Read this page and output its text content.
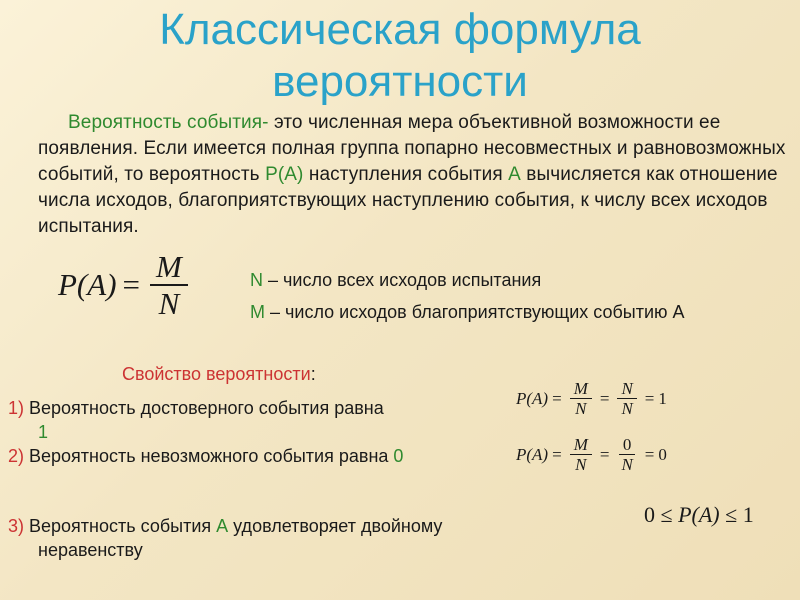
Классическая формула
вероятности
Вероятность события- это численная мера объективной возможности ее появления. Если имеется полная группа попарно несовместных и равновозможных событий, то вероятность Р(А) наступления события А вычисляется как отношение числа исходов, благоприятствующих наступлению события, к числу всех исходов испытания.
$P(A) = \frac{M}{N}$	N – число всех исходов испытания
M – число исходов благоприятствующих событию А
Свойство вероятности:
1) Вероятность достоверного события равна
1
2) Вероятность невозможного события равна 0
3) Вероятность события А удовлетворяет двойному
неравенству
$P(A) = \frac{M}{N} = \frac{N}{N} = 1$
$P(A) = \frac{M}{N} = \frac{0}{N} = 0$
0 ≤ P(A) ≤ 1
